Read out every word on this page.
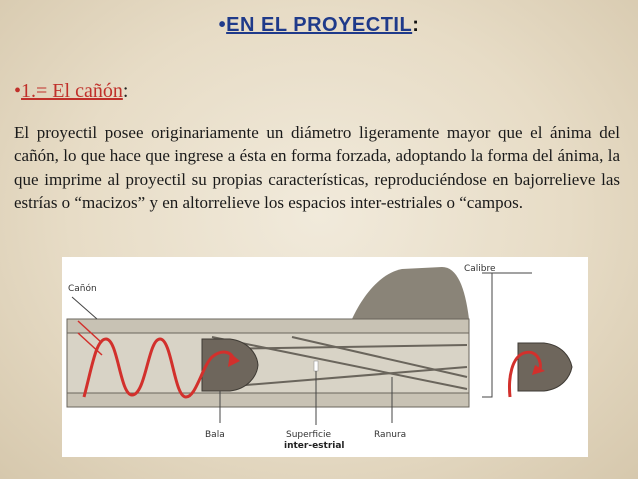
•EN EL PROYECTIL:
•1.= El cañón:
El proyectil posee originariamente un diámetro ligeramente mayor que el ánima del cañón, lo que hace que ingrese a ésta en forma forzada, adoptando la forma del ánima, la que imprime al proyectil su propias características, reproduciéndose en bajorrelieve las estrías o “macizos” y en altorrelieve los espacios inter-estriales o “campos.
Cañón
Calibre
Bala	Superficie
inter-estrial
Ranura
